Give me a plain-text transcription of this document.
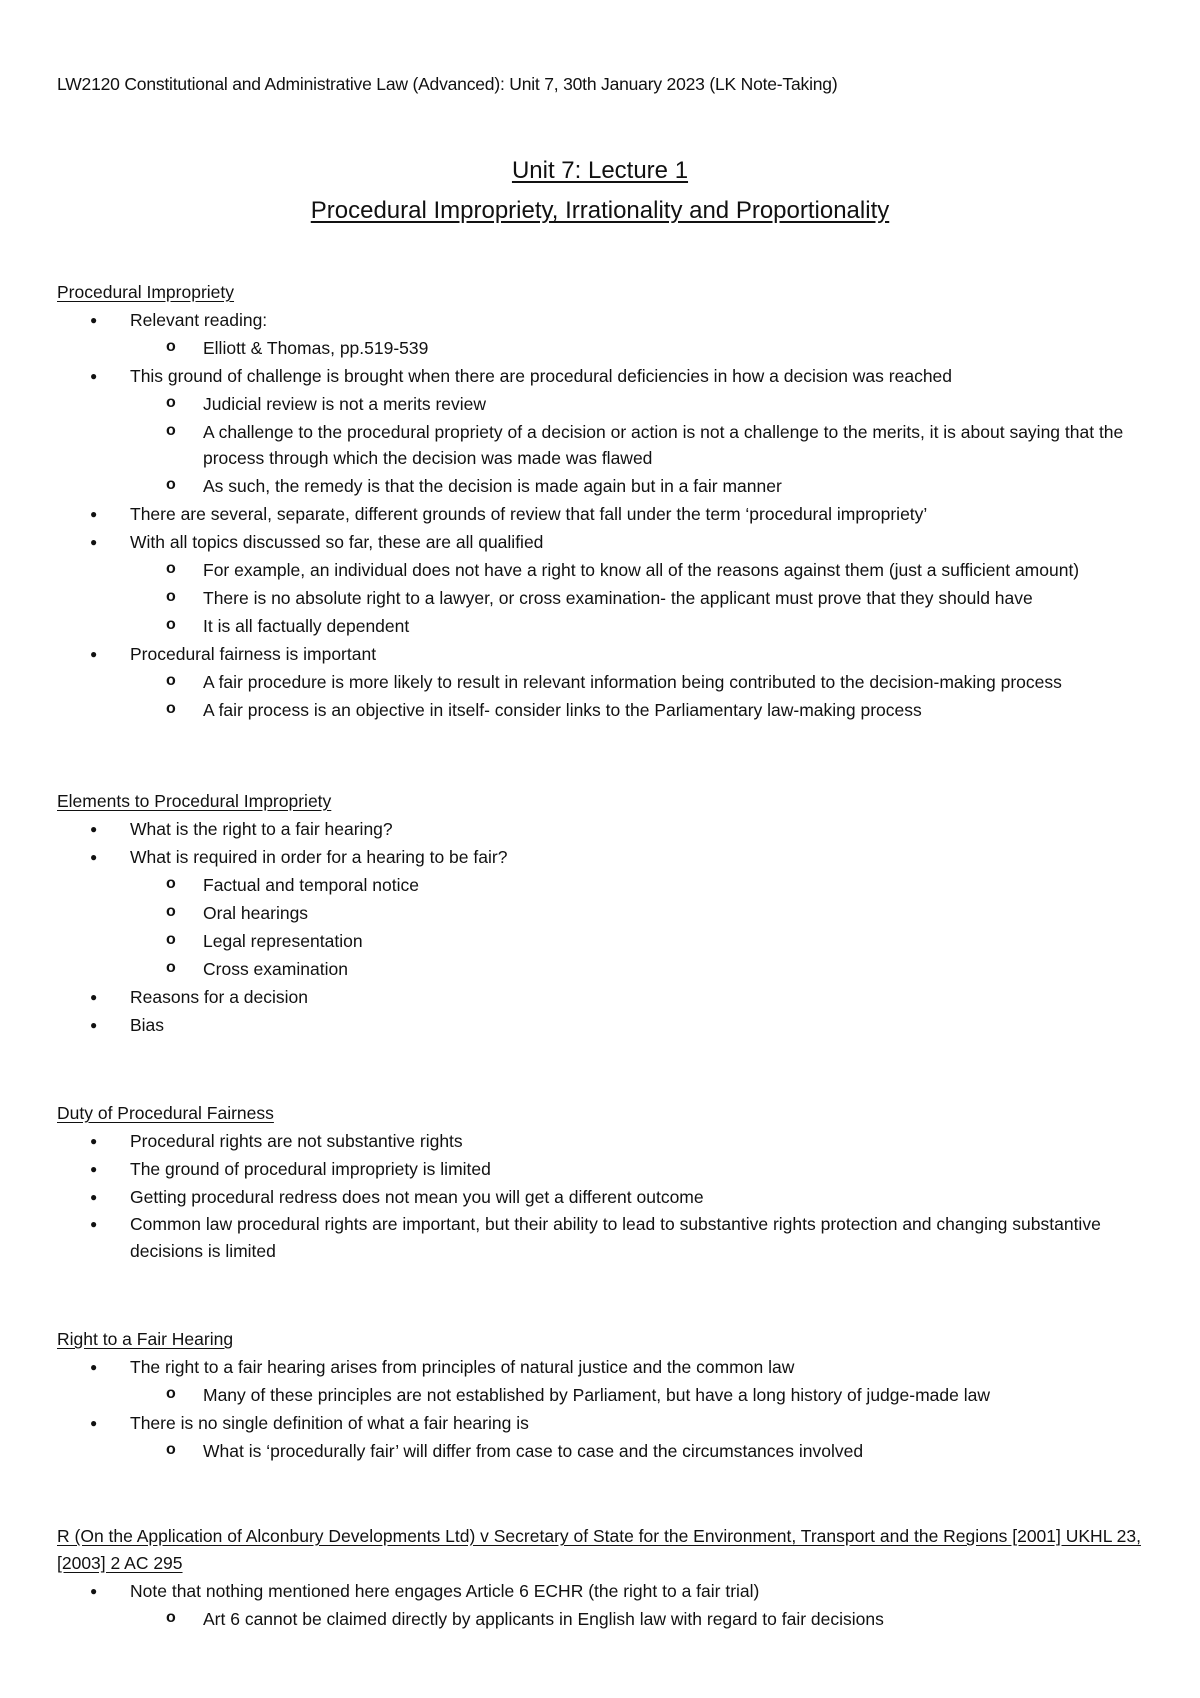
LW2120 Constitutional and Administrative Law (Advanced): Unit 7, 30th January 2023 (LK Note-Taking)
Unit 7: Lecture 1
Procedural Impropriety, Irrationality and Proportionality
Procedural Impropriety
● Relevant reading:
o Elliott & Thomas, pp.519-539
● This ground of challenge is brought when there are procedural deficiencies in how a decision was reached
o Judicial review is not a merits review
o A challenge to the procedural propriety of a decision or action is not a challenge to the merits, it is about saying that the process through which the decision was made was flawed
o As such, the remedy is that the decision is made again but in a fair manner
● There are several, separate, different grounds of review that fall under the term ‘procedural impropriety’
● With all topics discussed so far, these are all qualified
o For example, an individual does not have a right to know all of the reasons against them (just a sufficient amount)
o There is no absolute right to a lawyer, or cross examination- the applicant must prove that they should have
o It is all factually dependent
● Procedural fairness is important
o A fair procedure is more likely to result in relevant information being contributed to the decision-making process
o A fair process is an objective in itself- consider links to the Parliamentary law-making process
Elements to Procedural Impropriety
● What is the right to a fair hearing?
● What is required in order for a hearing to be fair?
o Factual and temporal notice
o Oral hearings
o Legal representation
o Cross examination
● Reasons for a decision
● Bias
Duty of Procedural Fairness
● Procedural rights are not substantive rights
● The ground of procedural impropriety is limited
● Getting procedural redress does not mean you will get a different outcome
● Common law procedural rights are important, but their ability to lead to substantive rights protection and changing substantive decisions is limited
Right to a Fair Hearing
● The right to a fair hearing arises from principles of natural justice and the common law
o Many of these principles are not established by Parliament, but have a long history of judge-made law
● There is no single definition of what a fair hearing is
o What is ‘procedurally fair’ will differ from case to case and the circumstances involved
R (On the Application of Alconbury Developments Ltd) v Secretary of State for the Environment, Transport and the Regions [2001] UKHL 23, [2003] 2 AC 295
● Note that nothing mentioned here engages Article 6 ECHR (the right to a fair trial)
o Art 6 cannot be claimed directly by applicants in English law with regard to fair decisions
